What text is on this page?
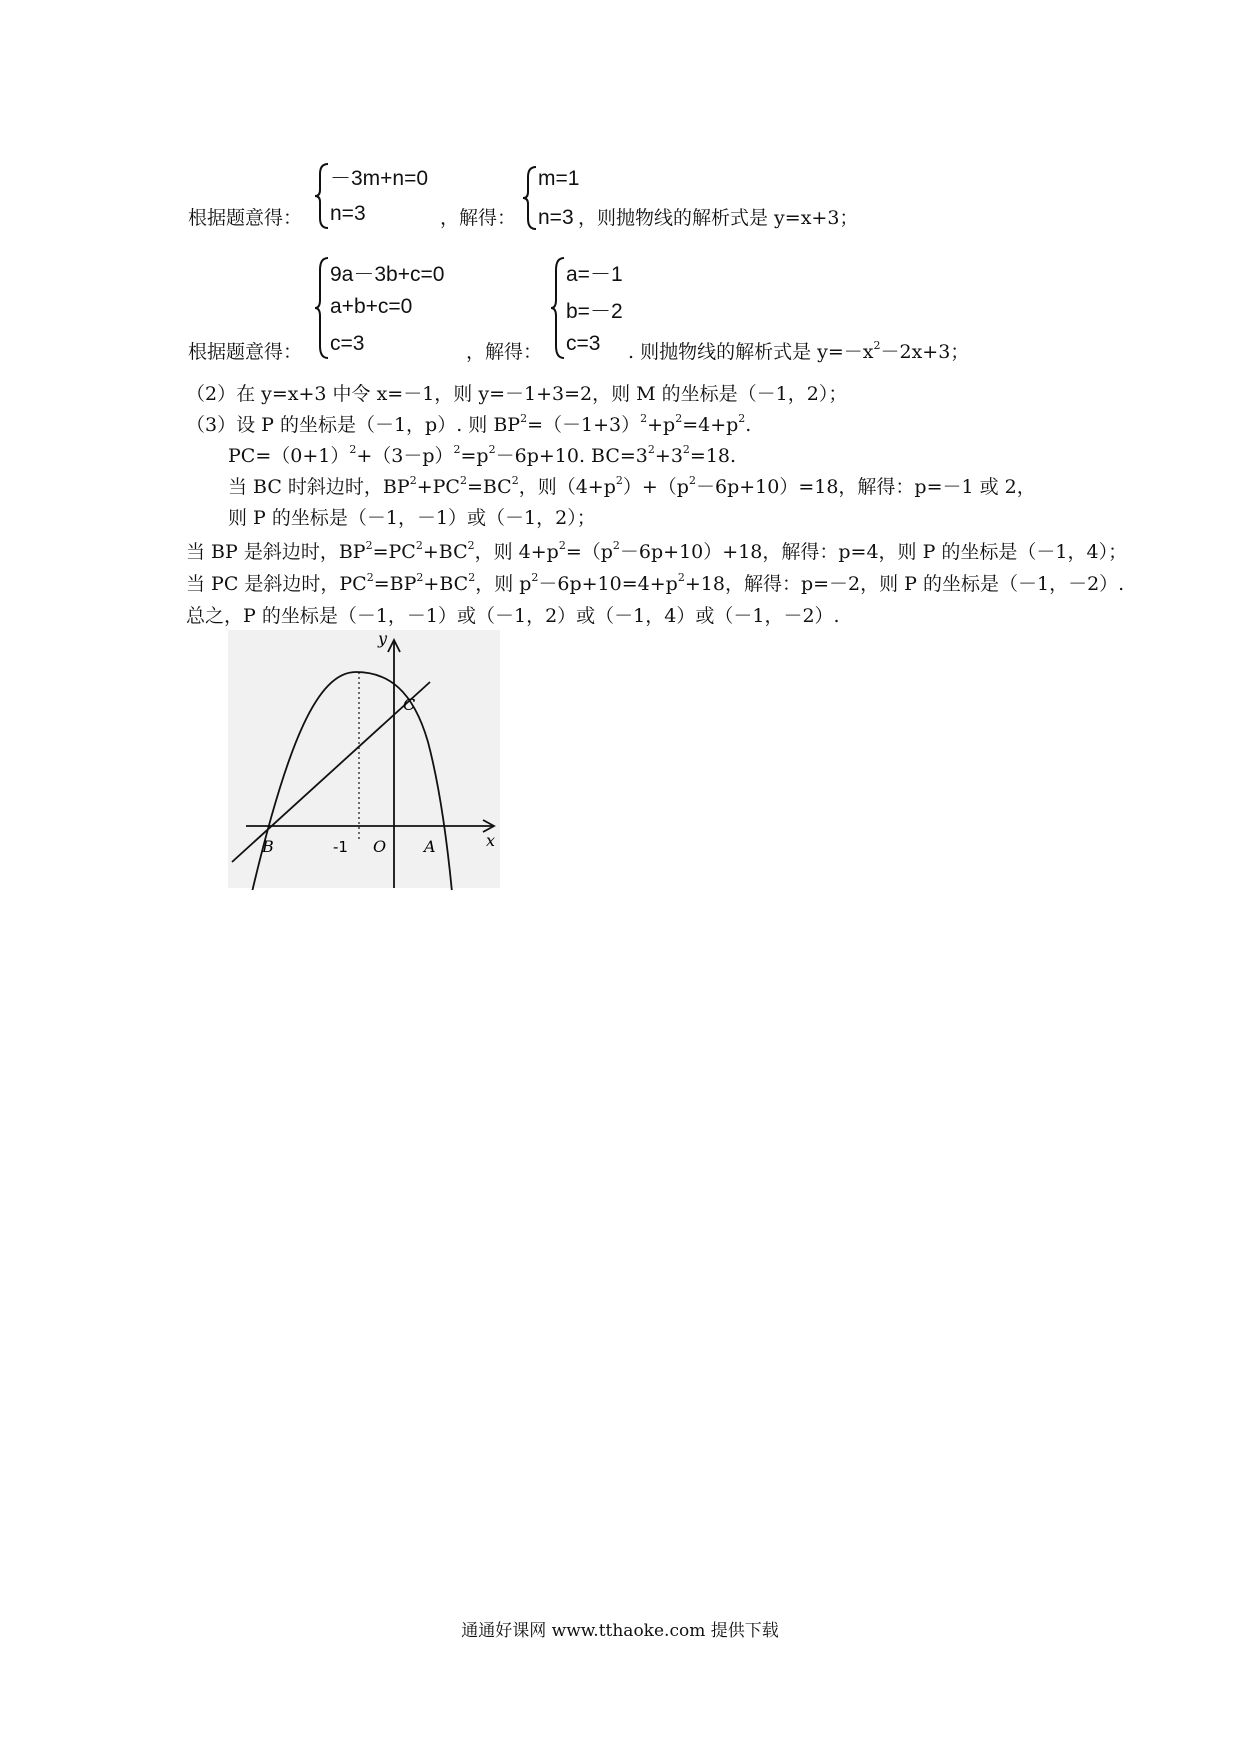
根据题意得：
－3m+n=0
n=3	，解得：
m=1
n=3 ，则抛物线的解析式是 y=x+3；
根据题意得：
9a－3b+c=0
a+b+c=0
c=3	，解得：
a=－1
b=－2
c=3 . 则抛物线的解析式是 $y=-x^2-2x+3$；
（2）在 y=x+3 中令 x=－1，则 y=－1+3=2，则 M 的坐标是（－1，2）；
（3）设 P 的坐标是（－1，p）. 则 $BP^2=(-1+3)^2+p^2=4+p^2$.
$PC=(0+1)^2+(3-p)^2=p^2-6p+10$. $BC=3^2+3^2=18$.
当 BC 时斜边时，$BP^2+PC^2=BC^2$，则$(4+p^2)+(p^2-6p+10)=18$，解得：p=－1 或 2，
则 P 的坐标是（－1，－1）或（－1，2）；
当 BP 是斜边时，$BP^2=PC^2+BC^2$，则 $4+p^2=(p^2-6p+10)+18$，解得：p=4，则 P 的坐标是（－1，4）；
当 PC 是斜边时，$PC^2=BP^2+BC^2$，则 $p^2-6p+10=4+p^2+18$，解得：p=－2，则 P 的坐标是（－1，－2）.
总之，P 的坐标是（－1，－1）或（－1，2）或（－1，4）或（－1，－2）.
y
x
C
B	-1 O A
通通好课网 www.tthaoke.com 提供下载
